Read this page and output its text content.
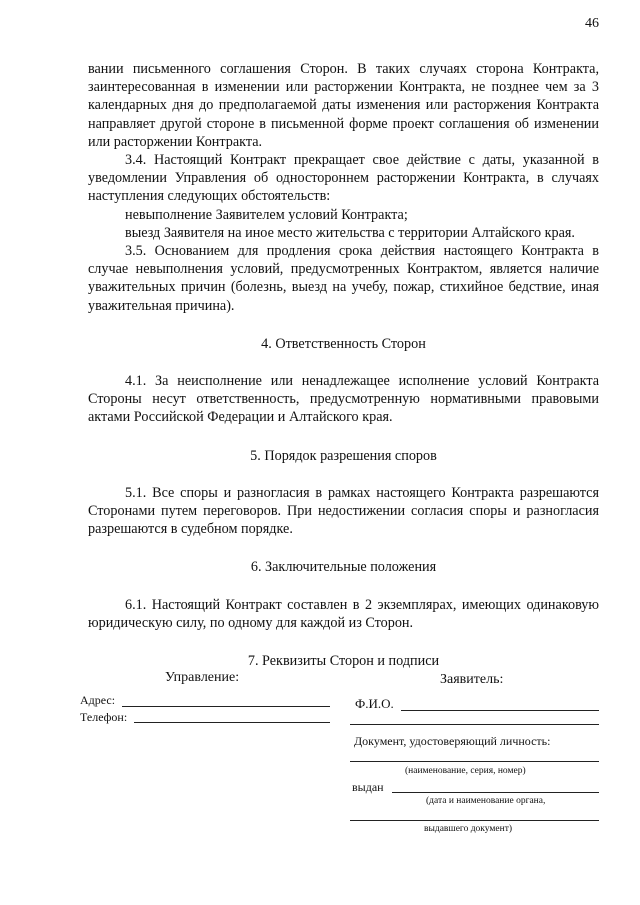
46

вании письменного соглашения Сторон. В таких случаях сторона Контракта, заинтересованная в изменении или расторжении Контракта, не позднее чем за 3 календарных дня до предполагаемой даты изменения или расторжения Контракта направляет другой стороне в письменной форме проект соглашения об изменении или расторжении Контракта.

3.4. Настоящий Контракт прекращает свое действие с даты, указанной в уведомлении Управления об одностороннем расторжении Контракта, в случаях наступления следующих обстоятельств:

невыполнение Заявителем условий Контракта;

выезд Заявителя на иное место жительства с территории Алтайского края.

3.5. Основанием для продления срока действия настоящего Контракта в случае невыполнения условий, предусмотренных Контрактом, является наличие уважительных причин (болезнь, выезд на учебу, пожар, стихийное бедствие, иная уважительная причина).

4. Ответственность Сторон

4.1. За неисполнение или ненадлежащее исполнение условий Контракта Стороны несут ответственность, предусмотренную нормативными правовыми актами Российской Федерации и Алтайского края.

5. Порядок разрешения споров

5.1. Все споры и разногласия в рамках настоящего Контракта разрешаются Сторонами путем переговоров. При недостижении согласия споры и разногласия разрешаются в судебном порядке.

6. Заключительные положения

6.1. Настоящий Контракт составлен в 2 экземплярах, имеющих одинаковую юридическую силу, по одному для каждой из Сторон.

7. Реквизиты Сторон и подписи

Управление:
Адрес:
Телефон:
Заявитель:
Ф.И.О.
Документ, удостоверяющий личность:
(наименование, серия, номер)
выдан
(дата и наименование органа,
выдавшего документ)
